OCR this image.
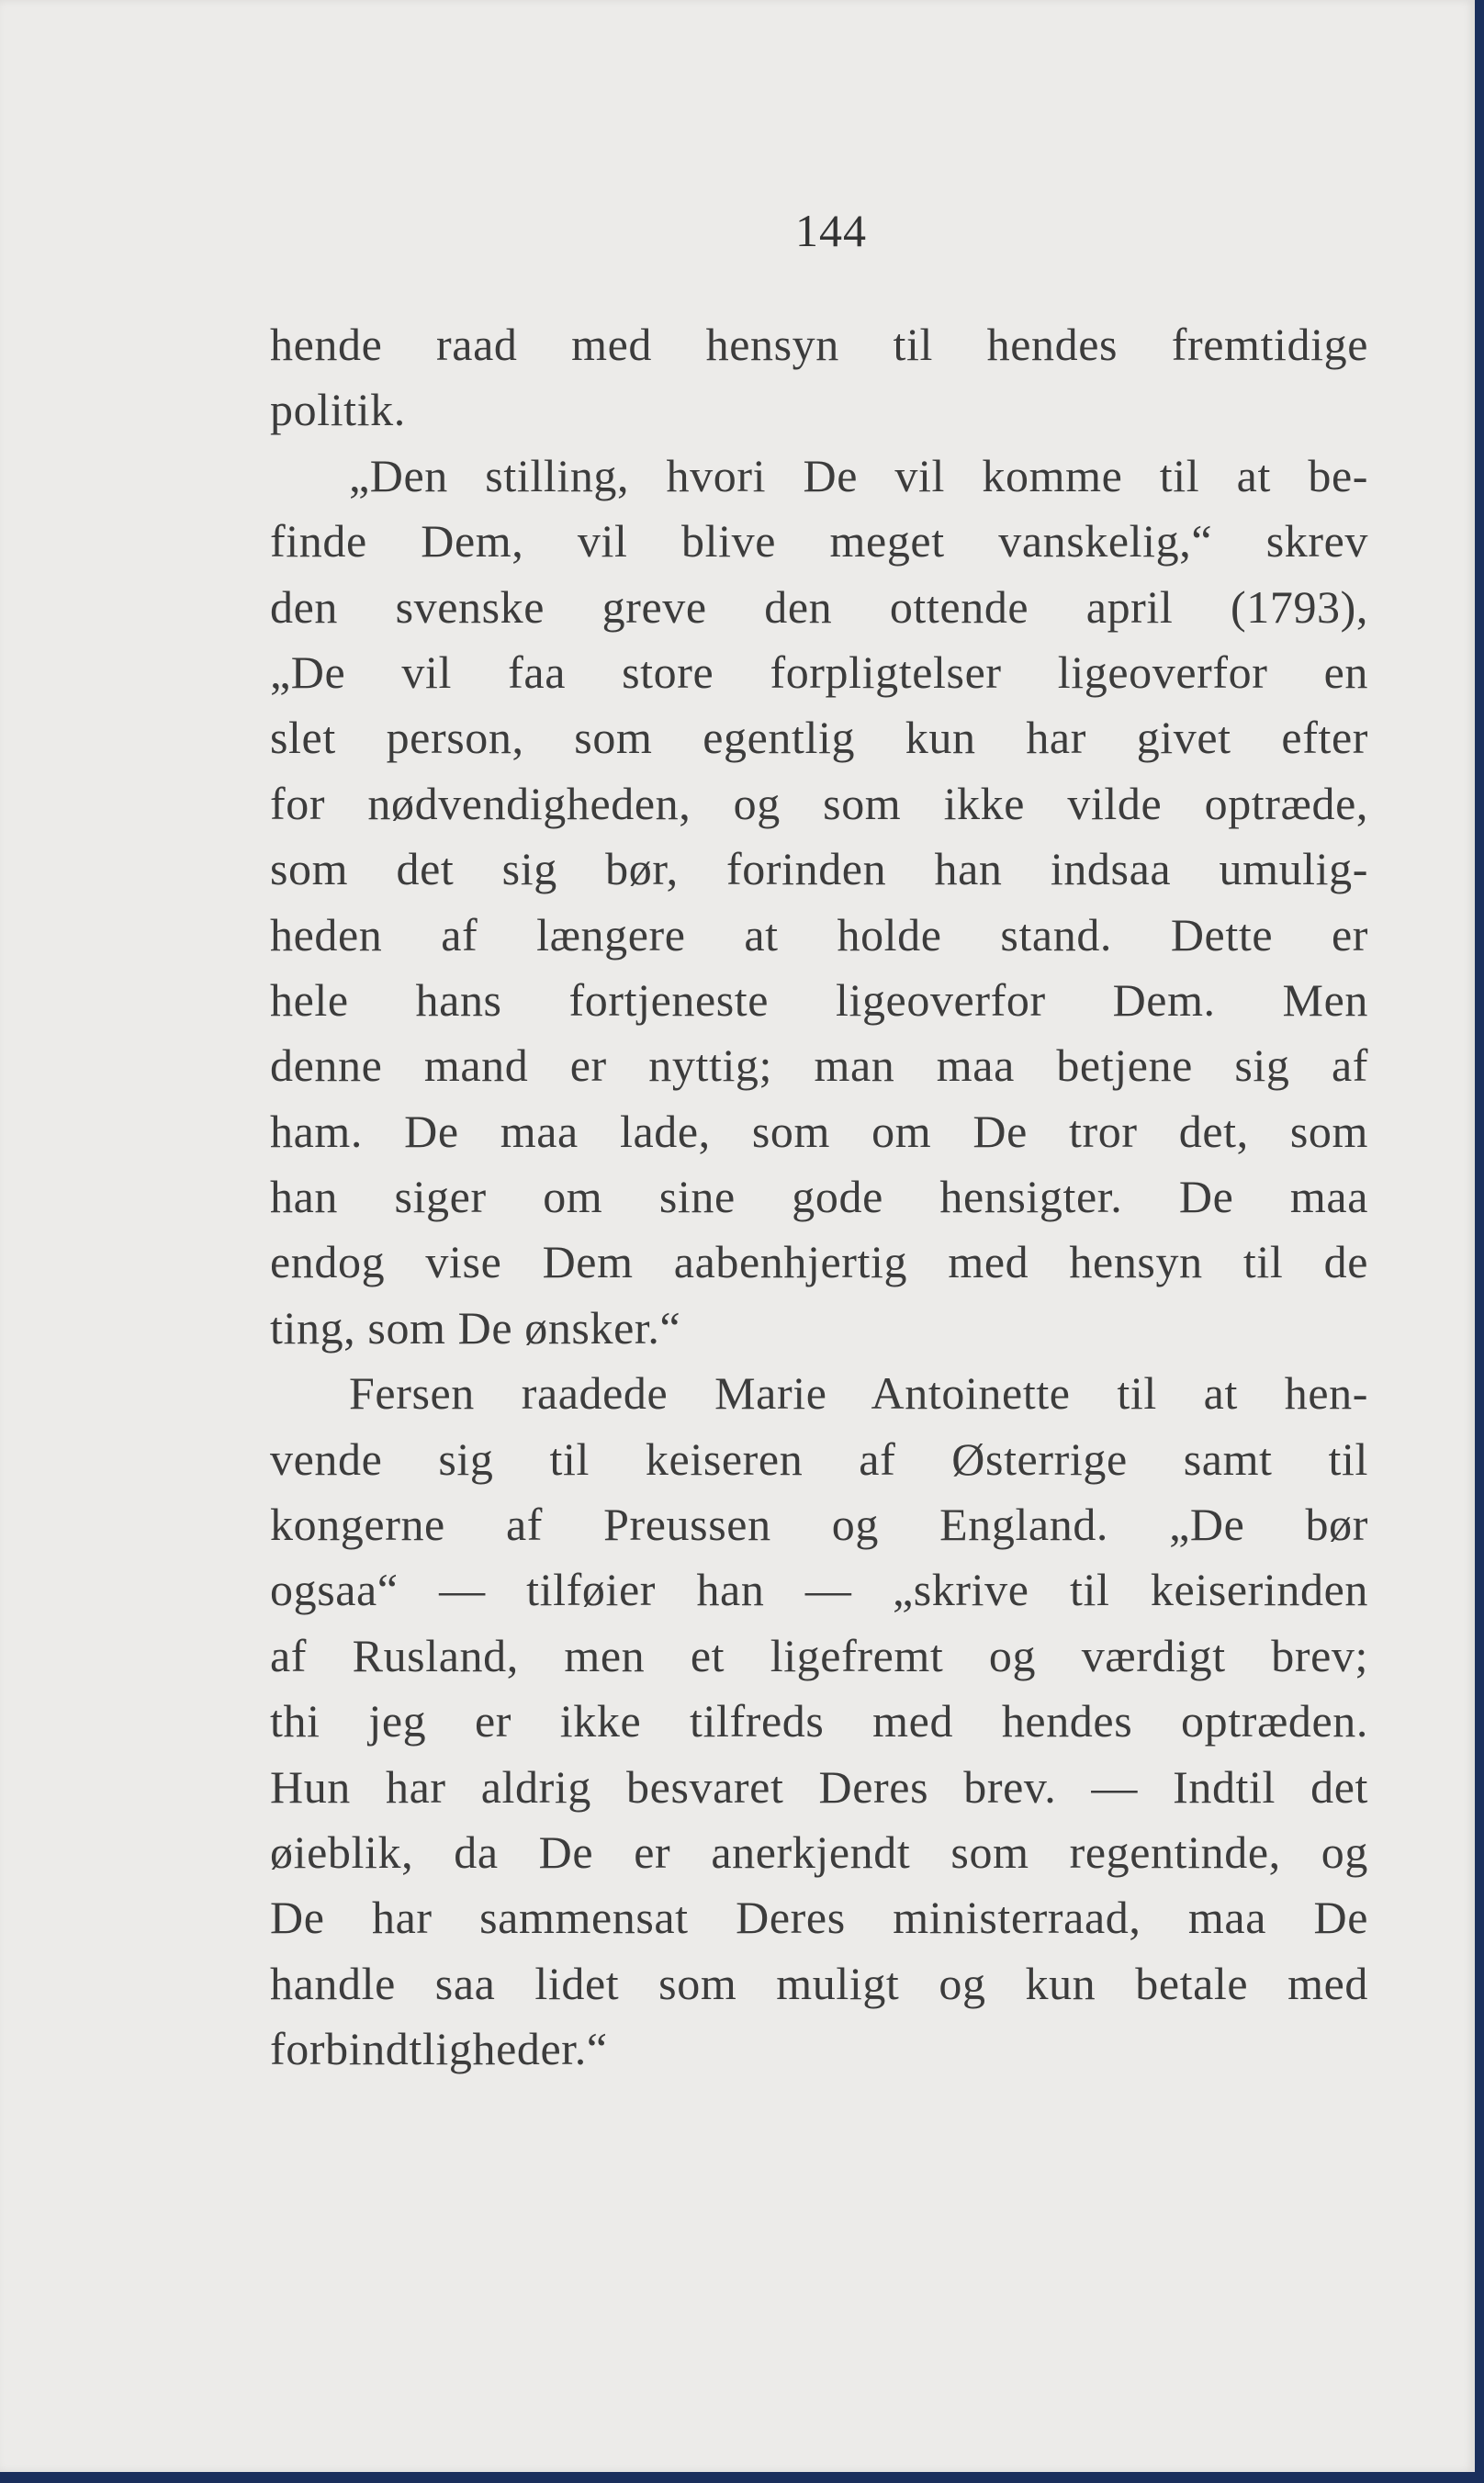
144
hende raad med hensyn til hendes fremtidige
politik.
„Den stilling, hvori De vil komme til at be-
finde Dem, vil blive meget vanskelig,“ skrev
den svenske greve den ottende april (1793),
„De vil faa store forpligtelser ligeoverfor en
slet person, som egentlig kun har givet efter
for nødvendigheden, og som ikke vilde optræde,
som det sig bør, forinden han indsaa umulig-
heden af længere at holde stand. Dette er
hele hans fortjeneste ligeoverfor Dem. Men
denne mand er nyttig; man maa betjene sig af
ham. De maa lade, som om De tror det, som
han siger om sine gode hensigter. De maa
endog vise Dem aabenhjertig med hensyn til de
ting, som De ønsker.“
Fersen raadede Marie Antoinette til at hen-
vende sig til keiseren af Østerrige samt til
kongerne af Preussen og England. „De bør
ogsaa“ — tilføier han — „skrive til keiserinden
af Rusland, men et ligefremt og værdigt brev;
thi jeg er ikke tilfreds med hendes optræden.
Hun har aldrig besvaret Deres brev. — Indtil det
øieblik, da De er anerkjendt som regentinde, og
De har sammensat Deres ministerraad, maa De
handle saa lidet som muligt og kun betale med
forbindtligheder.“
